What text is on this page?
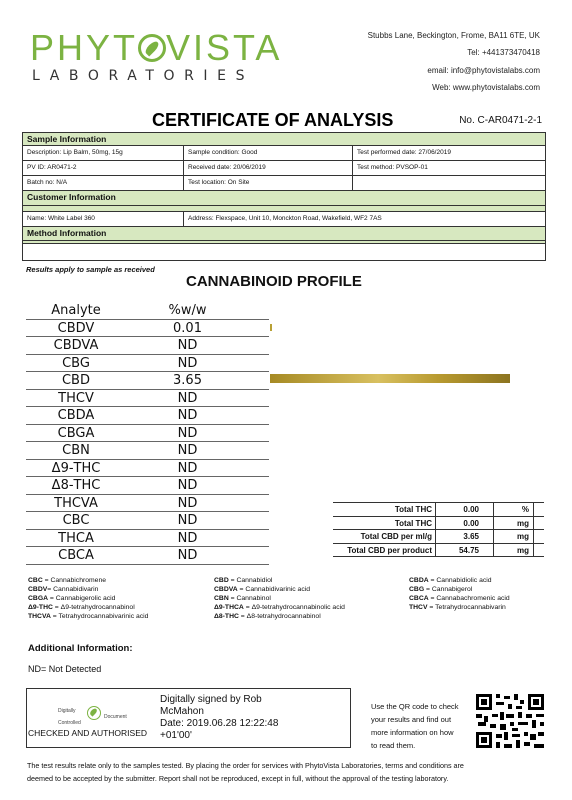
PHYT VISTA
LABORATORIES
Stubbs Lane, Beckington, Frome, BA11 6TE, UK
Tel: +441373470418
email: info@phytovistalabs.com
Web: www.phytovistalabs.com
CERTIFICATE OF ANALYSIS	No. C-AR0471-2-1
Sample Information
Description: Lip Balm, 50mg, 15g	Sample condition: Good	Test performed date: 27/06/2019
PV ID: AR0471-2	Received date: 20/06/2019	Test method: PVSOP-01
Batch no: N/A	Test location: On Site
Customer Information
Name: White Label 360	Address: Flexspace, Unit 10, Monckton Road, Wakefield, WF2 7AS
Method Information
Results apply to sample as received
CANNABINOID PROFILE
Analyte	%w/w
CBDV	0.01
CBDVA	ND
CBG	ND
CBD	3.65
THCV	ND
CBDA	ND
CBGA	ND
CBN	ND
Δ9-THC	ND
Δ8-THC	ND
THCVA	ND
CBC	ND
THCA	ND
CBCA	ND
Total THC	0.00	%
Total THC	0.00	mg
Total CBD per ml/g	3.65	mg
Total CBD per product	54.75	mg
CBC = Cannabichromene
CBDV= Cannabidivarin
CBGA = Cannabigerolic acid
Δ9-THC = Δ9-tetrahydrocannabinol
THCVA = Tetrahydrocannabivarinic acid
CBD = Cannabidiol
CBDVA = Cannabidivarinic acid
CBN = Cannabinol
Δ9-THCA = Δ9-tetrahydrocannabinolic acid
Δ8-THC = Δ8-tetrahydrocannabinol
CBDA = Cannabidiolic acid
CBG = Cannabigerol
CBCA = Cannabachromenic acid
THCV = Tetrahydrocannabivarin
Additional Information:
ND= Not Detected
Digitally
Controlled
Document
CHECKED AND AUTHORISED
Digitally signed by Rob
McMahon
Date: 2019.06.28 12:22:48
+01'00'
Use the QR code to check
your results and find out
more information on how
to read them.
The test results relate only to the samples tested. By placing the order for services with PhytoVista Laboratories, terms and conditions are
deemed to be accepted by the submitter. Report shall not be reproduced, except in full, without the approval of the testing laboratory.
